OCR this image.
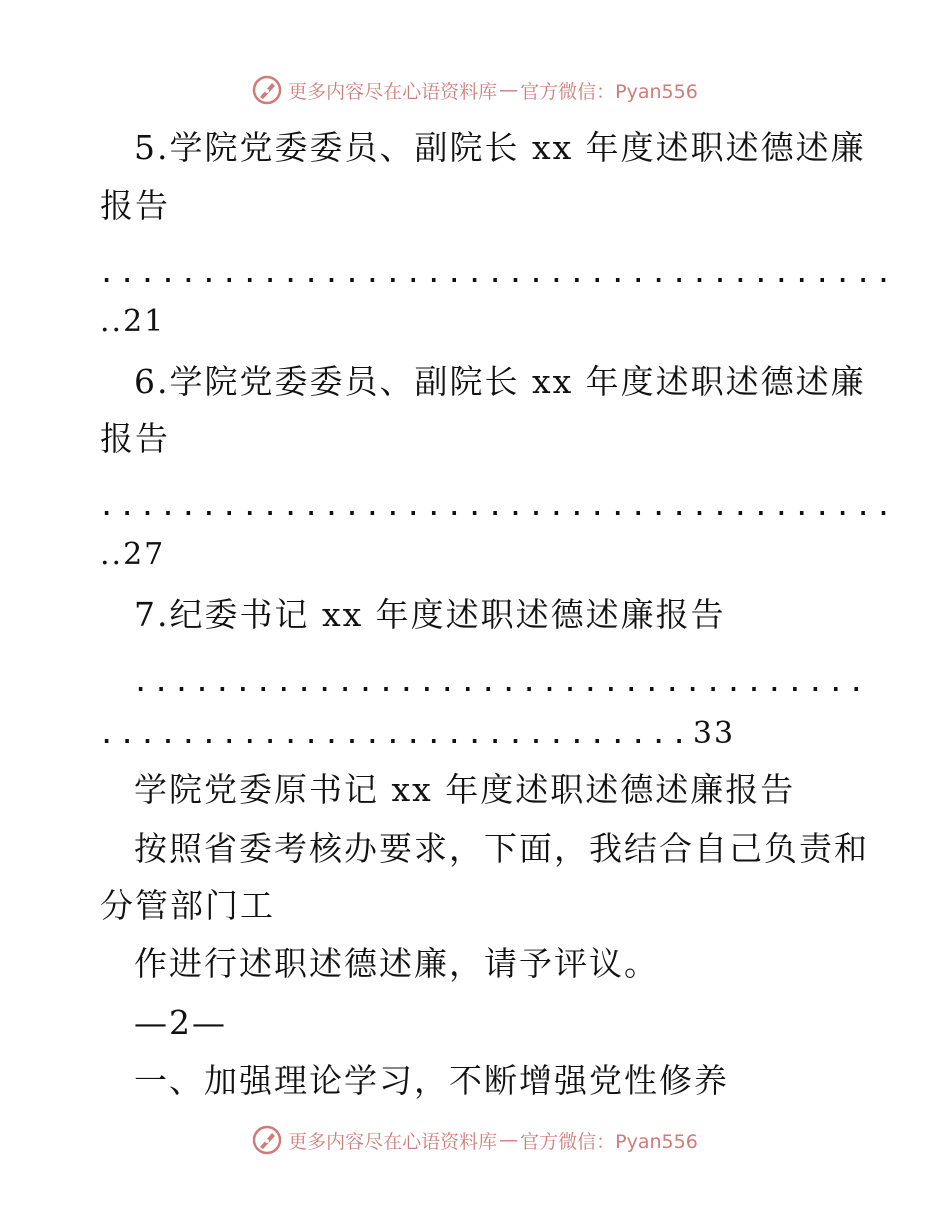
更多内容尽在心语资料库 — 官方微信：Pyan556
5.学院党委委员、副院长 xx 年度述职述德述廉
报告
.......................................
..21
6.学院党委委员、副院长 xx 年度述职述德述廉
报告
.......................................
..27
7.纪委书记 xx 年度述职述德述廉报告
....................................
.............................33
学院党委原书记 xx 年度述职述德述廉报告
按照省委考核办要求，下面，我结合自己负责和
分管部门工
作进行述职述德述廉，请予评议。
—2—
一、加强理论学习，不断增强党性修养
更多内容尽在心语资料库 — 官方微信：Pyan556
